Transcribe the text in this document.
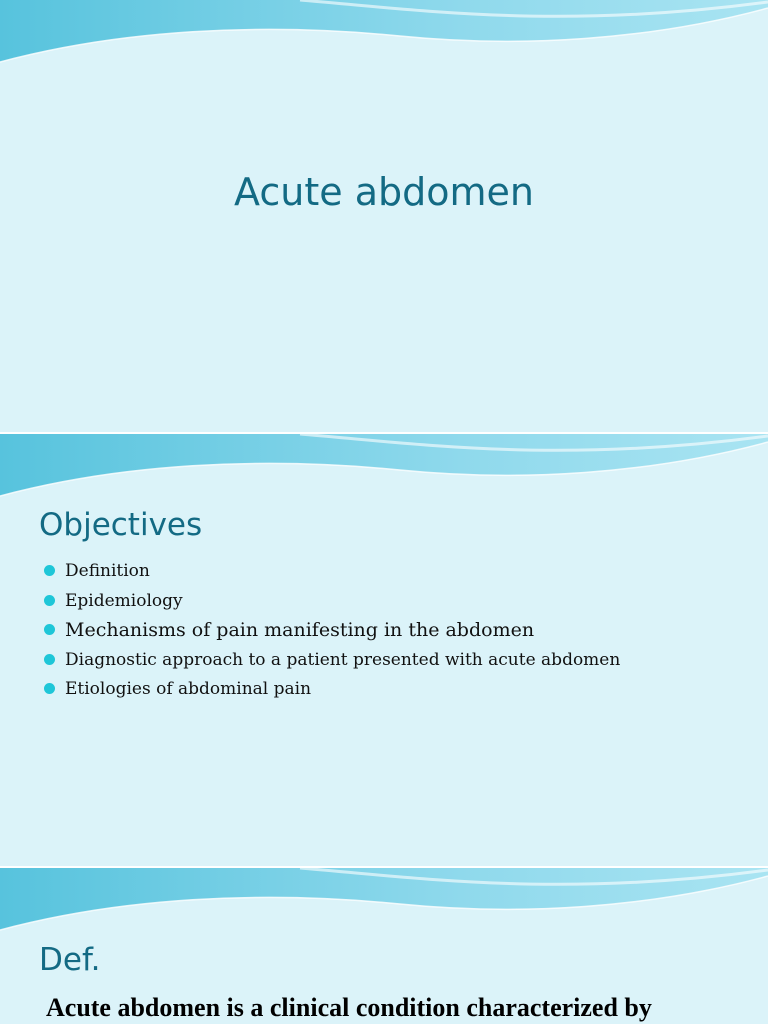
Acute abdomen
Objectives
Definition
Epidemiology
Mechanisms of pain manifesting in the abdomen
Diagnostic approach to a patient presented with acute abdomen
Etiologies of abdominal pain
Def.
Acute abdomen is a clinical condition characterized by
